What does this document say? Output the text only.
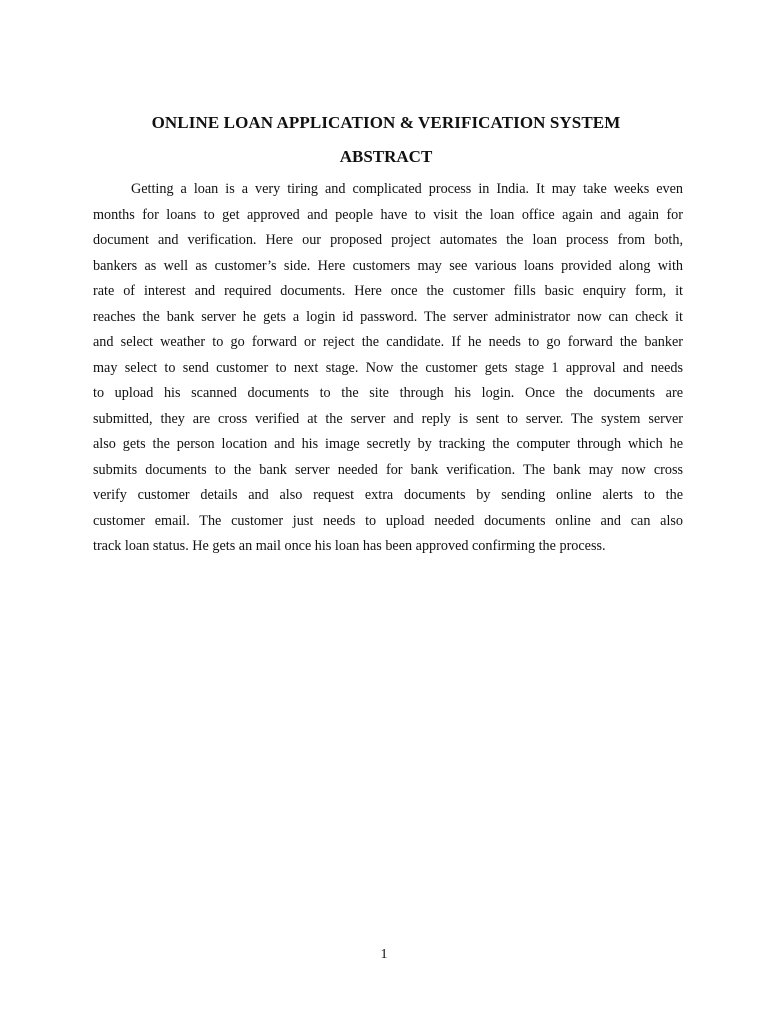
ONLINE LOAN APPLICATION & VERIFICATION SYSTEM
ABSTRACT
Getting a loan is a very tiring and complicated process in India. It may take weeks even
months for loans to get approved and people have to visit the loan office again and again for
document and verification. Here our proposed project automates the loan process from both,
bankers as well as customer’s side. Here customers may see various loans provided along with
rate of interest and required documents. Here once the customer fills basic enquiry form, it
reaches the bank server he gets a login id password. The server administrator now can check it
and select weather to go forward or reject the candidate. If he needs to go forward the banker
may select to send customer to next stage. Now the customer gets stage 1 approval and needs
to upload his scanned documents to the site through his login. Once the documents are
submitted, they are cross verified at the server and reply is sent to server. The system server
also gets the person location and his image secretly by tracking the computer through which he
submits documents to the bank server needed for bank verification. The bank may now cross
verify customer details and also request extra documents by sending online alerts to the
customer email. The customer just needs to upload needed documents online and can also
track loan status. He gets an mail once his loan has been approved confirming the process.
1
